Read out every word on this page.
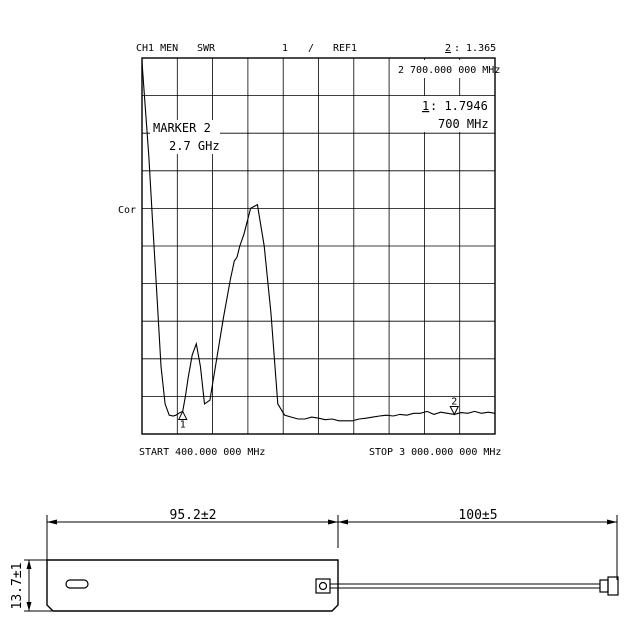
CH1 MEN SWR	1 / REF1	2 : 1.365
1
2
2 700.000 000 MHz
1 : 1.7946
700 MHz
MARKER 2
2.7 GHz
Cor
START 400.000 000 MHz	STOP 3 000.000 000 MHz
95.2±2	100±5
13.7±1
